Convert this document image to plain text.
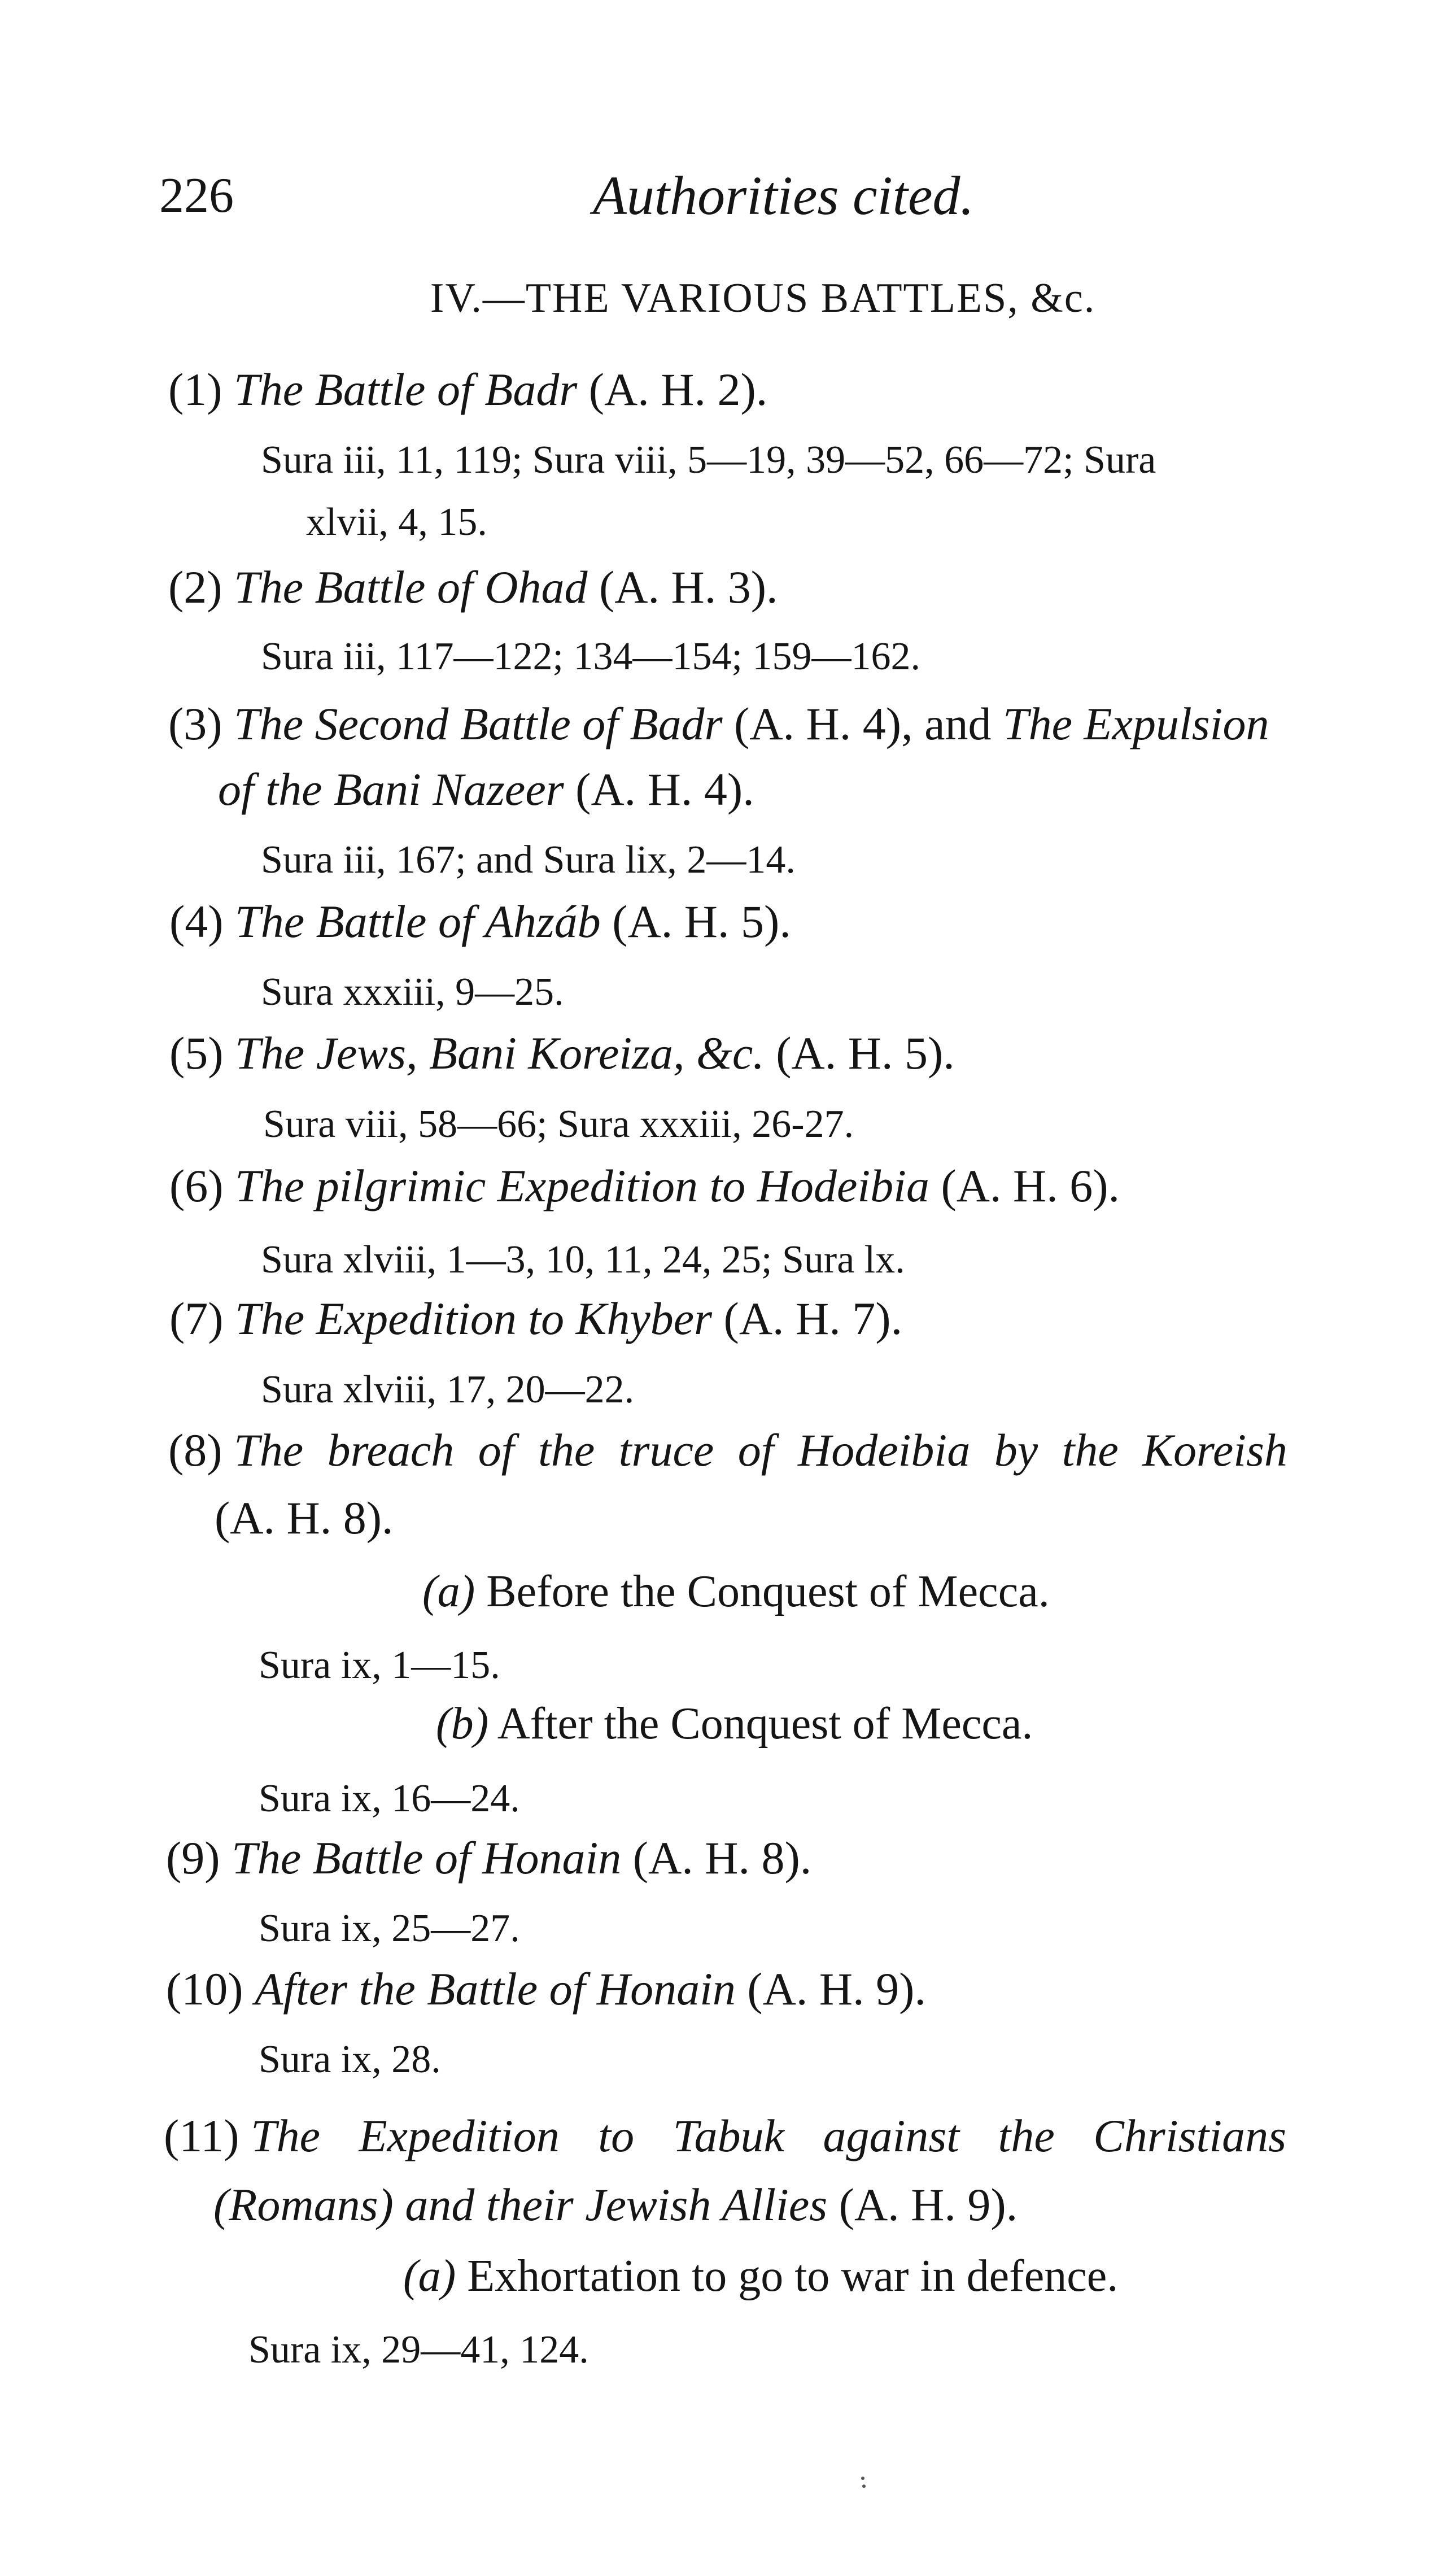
226	Authorities cited.
IV.—THE VARIOUS BATTLES, &c.
(1) The Battle of Badr (A. H. 2).
Sura iii, 11, 119; Sura viii, 5—19, 39—52, 66—72; Sura
xlvii, 4, 15.
(2) The Battle of Ohad (A. H. 3).
Sura iii, 117—122; 134—154; 159—162.
(3) The Second Battle of Badr (A. H. 4), and The Expulsion
of the Bani Nazeer (A. H. 4).
Sura iii, 167; and Sura lix, 2—14.
(4) The Battle of Ahzáb (A. H. 5).
Sura xxxiii, 9—25.
(5) The Jews, Bani Koreiza, &c. (A. H. 5).
Sura viii, 58—66; Sura xxxiii, 26-27.
(6) The pilgrimic Expedition to Hodeibia (A. H. 6).
Sura xlviii, 1—3, 10, 11, 24, 25; Sura lx.
(7) The Expedition to Khyber (A. H. 7).
Sura xlviii, 17, 20—22.
(8) The breach of the truce of Hodeibia by the Koreish
(A. H. 8).
(a) Before the Conquest of Mecca.
Sura ix, 1—15.
(b) After the Conquest of Mecca.
Sura ix, 16—24.
(9) The Battle of Honain (A. H. 8).
Sura ix, 25—27.
(10) After the Battle of Honain (A. H. 9).
Sura ix, 28.
(11) The Expedition to Tabuk against the Christians
(Romans) and their Jewish Allies (A. H. 9).
(a) Exhortation to go to war in defence.
Sura ix, 29—41, 124.
